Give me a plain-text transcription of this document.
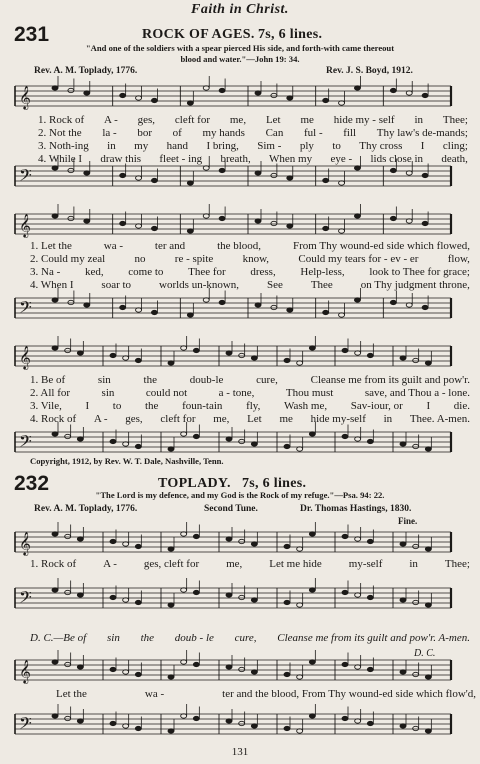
Faith in Christ.
231	ROCK OF AGES. 7s, 6 lines.
"And one of the soldiers with a spear pierced His side, and forth-with came thereout
blood and water."—John 19: 34.
Rev. A. M. Toplady, 1776.	Rev. J. S. Boyd, 1912.
𝄞
1. Rock of A - ges, cleft for me, Let me hide my - self in Thee;
2. Not the la - bor of my hands Can ful - fill Thy law's de-mands;
3. Noth-ing in my hand I bring, Sim - ply to Thy cross I cling;
4. While I draw this fleet - ing breath, When my eye - lids close in death,
𝄢
𝄞
1. Let the	wa -	ter and	the blood,	From Thy wound-ed side which flowed,
2. Could my zeal	no	re - spite	know,	Could my tears for - ev - er	flow,
3. Na - ked, come to Thee for dress, Help-less, look to Thee for grace;
4. When I	soar to	worlds un-known,	See	Thee	on Thy judgment throne,
𝄢
𝄞
1. Be of	sin	the	doub-le	cure,	Cleanse me from its guilt and pow'r.
2. All for	sin	could not	a - tone,	Thou must	save, and Thou a - lone.
3. Vile, I to the foun-tain fly, Wash me, Sav-iour, or I die.
4. Rock of A - ges, cleft for me, Let me hide my-self in Thee. A-men.
𝄢
Copyright, 1912, by Rev. W. T. Dale, Nashville, Tenn.
232	TOPLADY. 7s, 6 lines.
"The Lord is my defence, and my God is the Rock of my refuge."—Psa. 94: 22.
Rev. A. M. Toplady, 1776.	Second Tune.	Dr. Thomas Hastings, 1830.
Fine.
𝄞
1. Rock of A - ges, cleft for me, Let me hide my-self in Thee;
𝄢
D. C.—Be of sin the doub - le cure, Cleanse me from its guilt and pow'r. A-men.
D. C.
𝄞
Let the	wa -	ter and the blood, From Thy wound-ed side which flow'd,
𝄢
131
